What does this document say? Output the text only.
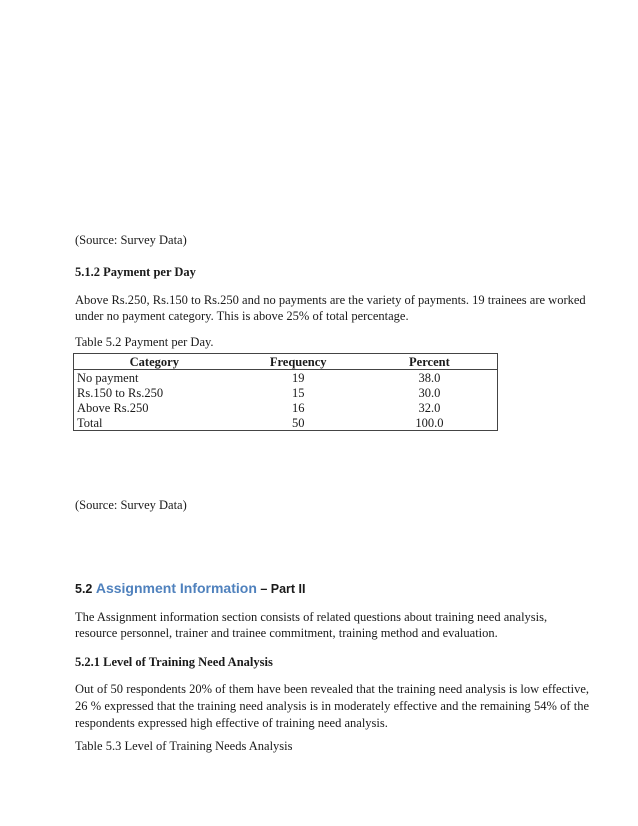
(Source: Survey Data)
5.1.2 Payment per Day
Above Rs.250, Rs.150 to Rs.250 and no payments are the variety of payments. 19 trainees are worked
under no payment category. This is above 25% of total percentage.
Table 5.2 Payment per Day.
Category	Frequency	Percent
No payment	19	38.0
Rs.150 to Rs.250	15	30.0
Above Rs.250	16	32.0
Total	50	100.0
(Source: Survey Data)
5.2 Assignment Information – Part II
The Assignment information section consists of related questions about training need analysis,
resource personnel, trainer and trainee commitment, training method and evaluation.
5.2.1 Level of Training Need Analysis
Out of 50 respondents 20% of them have been revealed that the training need analysis is low effective, 26 % expressed that the training need analysis is in moderately effective and the remaining 54% of the respondents expressed high effective of training need analysis.
Table 5.3 Level of Training Needs Analysis
